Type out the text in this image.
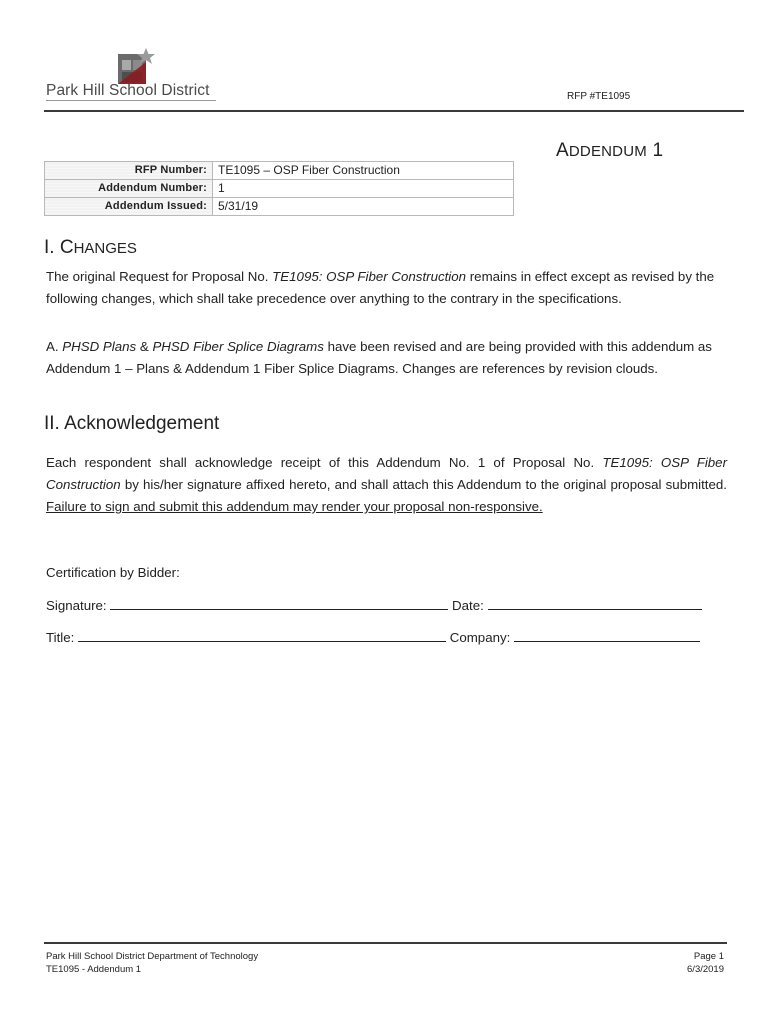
Park Hill School District	RFP #TE1095
ADDENDUM 1
RFP Number:	TE1095 – OSP Fiber Construction
Addendum Number:	1
Addendum Issued:	5/31/19
I. CHANGES
The original Request for Proposal No. TE1095: OSP Fiber Construction remains in effect except as revised by the following changes, which shall take precedence over anything to the contrary in the specifications.
A. PHSD Plans & PHSD Fiber Splice Diagrams have been revised and are being provided with this addendum as Addendum 1 – Plans & Addendum 1 Fiber Splice Diagrams. Changes are references by revision clouds.
II. Acknowledgement
Each respondent shall acknowledge receipt of this Addendum No. 1 of Proposal No. TE1095: OSP Fiber Construction by his/her signature affixed hereto, and shall attach this Addendum to the original proposal submitted. Failure to sign and submit this addendum may render your proposal non-responsive.
Certification by Bidder:
Signature:	Date:
Title:	Company:
Park Hill School District Department of Technology
TE1095 - Addendum 1
Page 1
6/3/2019
